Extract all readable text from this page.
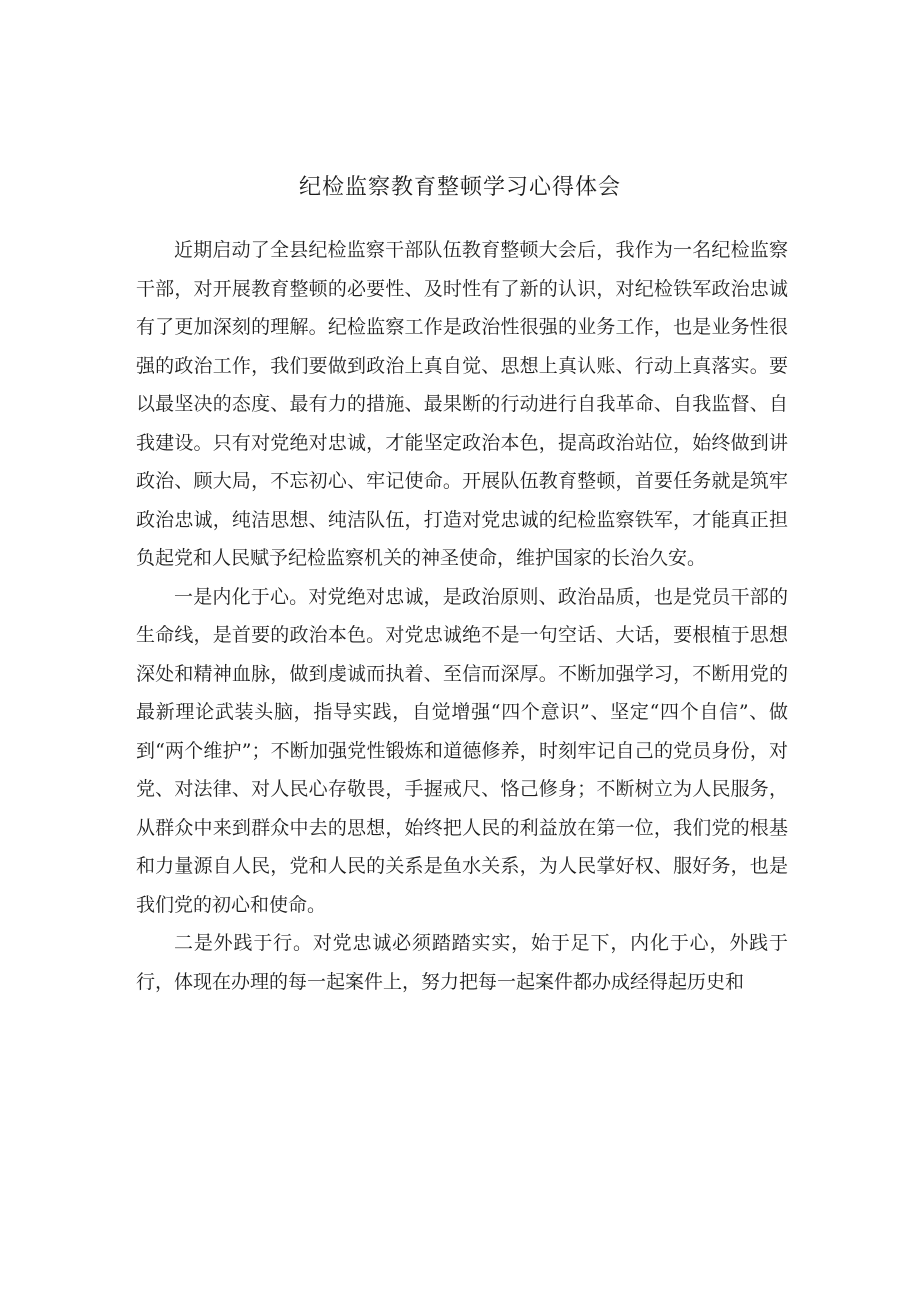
纪检监察教育整顿学习心得体会

近期启动了全县纪检监察干部队伍教育整顿大会后，我作为一名纪检监察干部，对开展教育整顿的必要性、及时性有了新的认识，对纪检铁军政治忠诚有了更加深刻的理解。纪检监察工作是政治性很强的业务工作，也是业务性很强的政治工作，我们要做到政治上真自觉、思想上真认账、行动上真落实。要以最坚决的态度、最有力的措施、最果断的行动进行自我革命、自我监督、自我建设。只有对党绝对忠诚，才能坚定政治本色，提高政治站位，始终做到讲政治、顾大局，不忘初心、牢记使命。开展队伍教育整顿，首要任务就是筑牢政治忠诚，纯洁思想、纯洁队伍，打造对党忠诚的纪检监察铁军，才能真正担负起党和人民赋予纪检监察机关的神圣使命，维护国家的长治久安。

一是内化于心。对党绝对忠诚，是政治原则、政治品质，也是党员干部的生命线，是首要的政治本色。对党忠诚绝不是一句空话、大话，要根植于思想深处和精神血脉，做到虔诚而执着、至信而深厚。不断加强学习，不断用党的最新理论武装头脑，指导实践，自觉增强“四个意识”、坚定“四个自信”、做到“两个维护”；不断加强党性锻炼和道德修养，时刻牢记自己的党员身份，对党、对法律、对人民心存敬畏，手握戒尺、恪己修身；不断树立为人民服务，从群众中来到群众中去的思想，始终把人民的利益放在第一位，我们党的根基和力量源自人民，党和人民的关系是鱼水关系，为人民掌好权、服好务，也是我们党的初心和使命。

二是外践于行。对党忠诚必须踏踏实实，始于足下，内化于心，外践于行，体现在办理的每一起案件上，努力把每一起案件都办成经得起历史和
